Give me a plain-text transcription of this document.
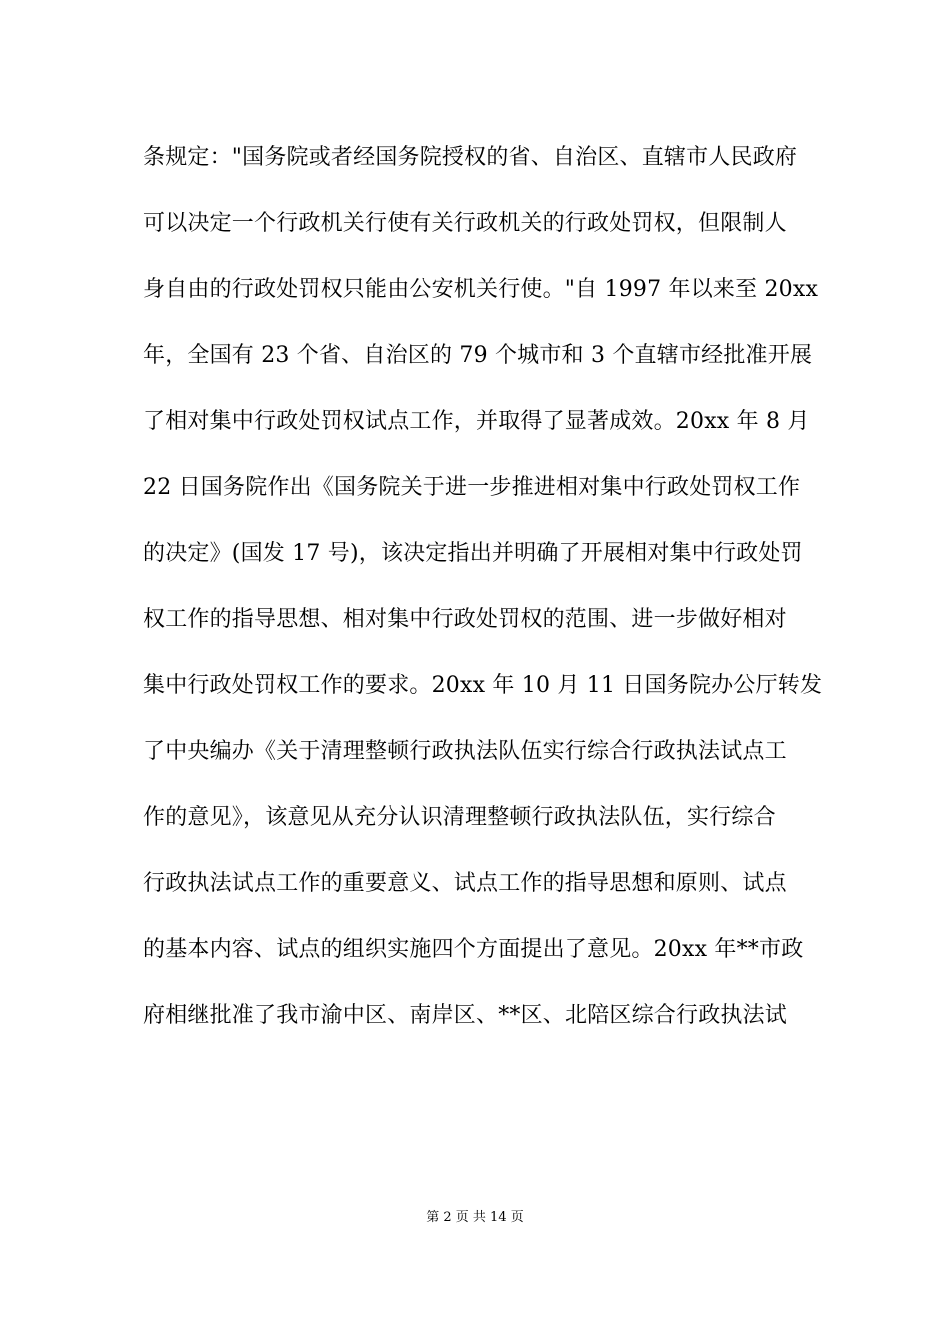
条规定："国务院或者经国务院授权的省、自治区、直辖市人民政府
可以决定一个行政机关行使有关行政机关的行政处罚权，但限制人
身自由的行政处罚权只能由公安机关行使。"自 1997 年以来至 20xx
年，全国有 23 个省、自治区的 79 个城市和 3 个直辖市经批准开展
了相对集中行政处罚权试点工作，并取得了显著成效。20xx 年 8 月
22 日国务院作出《国务院关于进一步推进相对集中行政处罚权工作
的决定》(国发 17 号)，该决定指出并明确了开展相对集中行政处罚
权工作的指导思想、相对集中行政处罚权的范围、进一步做好相对
集中行政处罚权工作的要求。20xx 年 10 月 11 日国务院办公厅转发
了中央编办《关于清理整顿行政执法队伍实行综合行政执法试点工
作的意见》，该意见从充分认识清理整顿行政执法队伍，实行综合
行政执法试点工作的重要意义、试点工作的指导思想和原则、试点
的基本内容、试点的组织实施四个方面提出了意见。20xx 年**市政
府相继批准了我市渝中区、南岸区、**区、北陪区综合行政执法试
第 2 页 共 14 页
